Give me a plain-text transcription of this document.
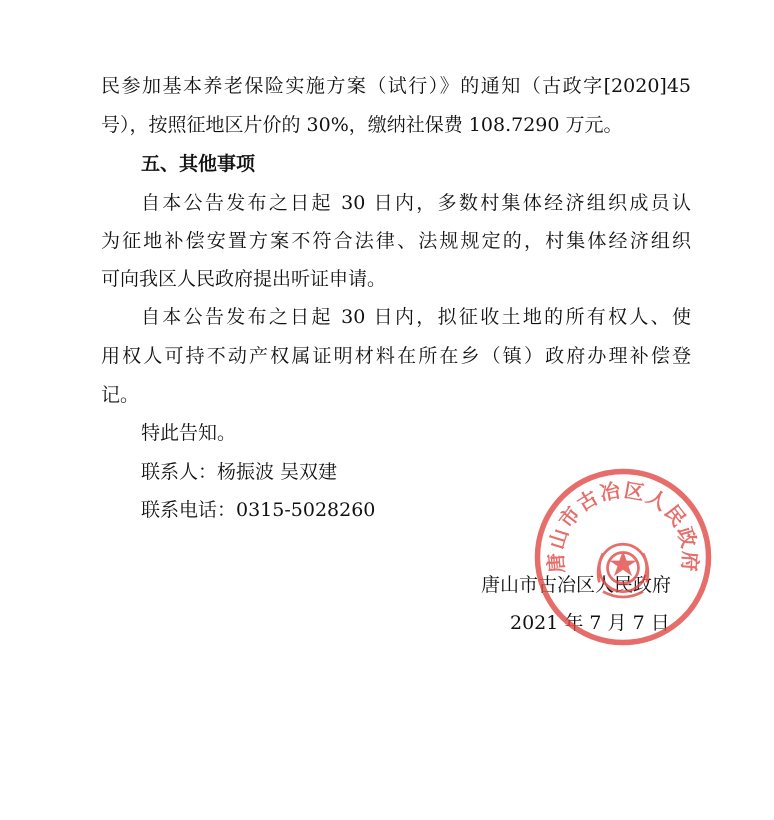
民参加基本养老保险实施方案（试行）》的通知（古政字[2020]45
号），按照征地区片价的 30%，缴纳社保费 108.7290 万元。
五、其他事项
自本公告发布之日起 30 日内，多数村集体经济组织成员认
为征地补偿安置方案不符合法律、法规规定的，村集体经济组织
可向我区人民政府提出听证申请。
自本公告发布之日起 30 日内，拟征收土地的所有权人、使
用权人可持不动产权属证明材料在所在乡（镇）政府办理补偿登
记。
特此告知。
联系人：杨振波 吴双建
联系电话：0315-5028260
唐山市古冶区人民政府
2021 年 7 月 7 日
唐山市古冶区人民政府
